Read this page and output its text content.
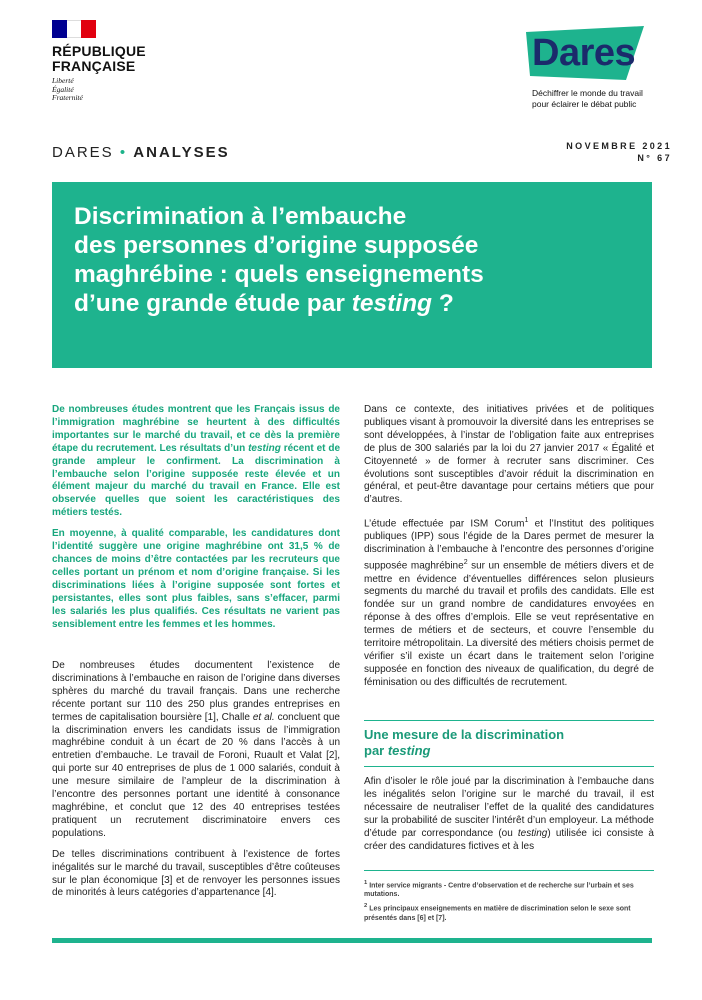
RÉPUBLIQUE
FRANÇAISE
Liberté
Égalité
Fraternité
Dares
Déchiffrer le monde du travail
pour éclairer le débat public
DARES • ANALYSES	NOVEMBRE 2021
N° 67
Discrimination à l’embauche
des personnes d’origine supposée
maghrébine : quels enseignements
d’une grande étude par testing ?

De nombreuses études montrent que les Français issus de l’immigration maghrébine se heurtent à des difficultés importantes sur le marché du travail, et ce dès la première étape du recrutement. Les résultats d’un testing récent et de grande ampleur le confirment. La discrimination à l’embauche selon l’origine supposée reste élevée et un élément majeur du marché du travail en France. Elle est observée quelles que soient les caractéristiques des métiers testés.

En moyenne, à qualité comparable, les candidatures dont l’identité suggère une origine maghrébine ont 31,5 % de chances de moins d’être contactées par les recruteurs que celles portant un prénom et nom d’origine française. Si les discriminations liées à l’origine supposée sont fortes et persistantes, elles sont plus faibles, sans s’effacer, parmi les salariés les plus qualifiés. Ces résultats ne varient pas sensiblement entre les femmes et les hommes.

De nombreuses études documentent l’existence de discriminations à l’embauche en raison de l’origine dans diverses sphères du marché du travail français. Dans une recherche récente portant sur 110 des 250 plus grandes entreprises en termes de capitalisation boursière [1], Challe et al. concluent que la discrimination envers les candidats issus de l’immigration maghrébine conduit à un écart de 20 % dans l’accès à un entretien d’embauche. Le travail de Foroni, Ruault et Valat [2], qui porte sur 40 entreprises de plus de 1 000 salariés, conduit à une mesure similaire de l’ampleur de la discrimination à l’encontre des personnes portant une identité à consonance maghrébine, et conclut que 12 des 40 entreprises testées pratiquent un recrutement discriminatoire envers ces populations.

De telles discriminations contribuent à l’existence de fortes inégalités sur le marché du travail, susceptibles d’être coûteuses sur le plan économique [3] et de renvoyer les personnes issues de minorités à leurs catégories d’appartenance [4].

Dans ce contexte, des initiatives privées et de politiques publiques visant à promouvoir la diversité dans les entreprises se sont développées, à l’instar de l’obligation faite aux entreprises de plus de 300 salariés par la loi du 27 janvier 2017 « Égalité et Citoyenneté » de former à recruter sans discriminer. Ces évolutions sont susceptibles d’avoir réduit la discrimination en général, et peut-être davantage pour certains métiers que pour d’autres.

L’étude effectuée par ISM Corum$^1$ et l’Institut des politiques publiques (IPP) sous l’égide de la Dares permet de mesurer la discrimination à l’embauche à l’encontre des personnes d’origine supposée maghrébine$^2$ sur un ensemble de métiers divers et de mettre en évidence d’éventuelles différences selon plusieurs segments du marché du travail et profils des candidats. Elle est fondée sur un grand nombre de candidatures envoyées en réponse à des offres d’emplois. Elle se veut représentative en termes de métiers et de secteurs, et couvre l’ensemble du territoire métropolitain. La diversité des métiers choisis permet de vérifier s’il existe un écart dans le traitement selon l’origine supposée en fonction des niveaux de qualification, du degré de féminisation ou des difficultés de recrutement.

Une mesure de la discrimination
par testing

Afin d’isoler le rôle joué par la discrimination à l’embauche dans les inégalités selon l’origine sur le marché du travail, il est nécessaire de neutraliser l’effet de la qualité des candidatures sur la probabilité de susciter l’intérêt d’un employeur. La méthode d’étude par correspondance (ou testing) utilisée ici consiste à créer des candidatures fictives et à les

$^1$ Inter service migrants - Centre d’observation et de recherche sur l’urbain et ses mutations.

$^2$ Les principaux enseignements en matière de discrimination selon le sexe sont présentés dans [6] et [7].
